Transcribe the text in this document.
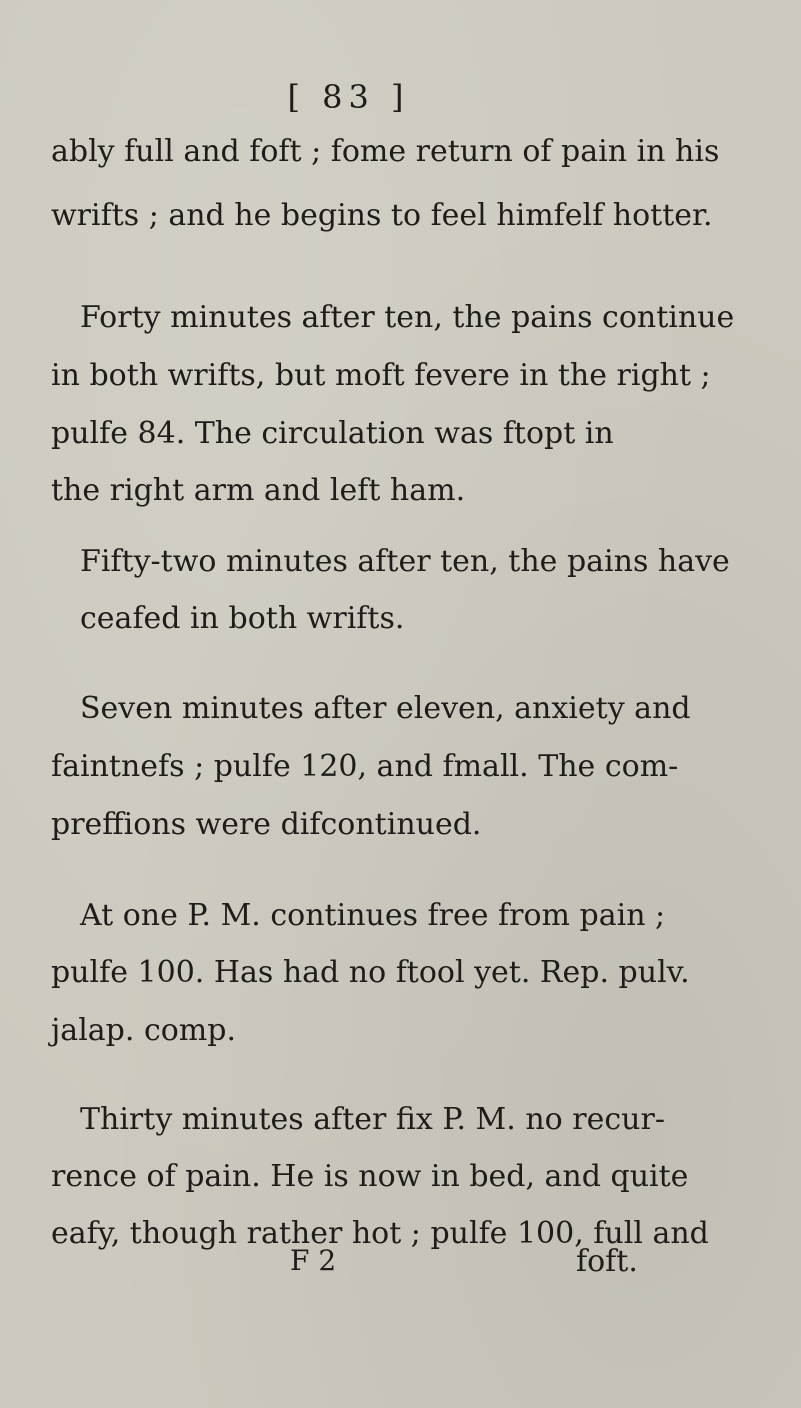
[ 83 ]
ably full and foft ; fome return of pain in his
wrifts ; and he begins to feel himfelf hotter.
Forty minutes after ten, the pains continue
in both wrifts, but moft fevere in the right ;
pulfe 84. The circulation was ftopt in
the right arm and left ham.
Fifty-two minutes after ten, the pains have
ceafed in both wrifts.
Seven minutes after eleven, anxiety and
faintnefs ; pulfe 120, and fmall. The com-
preffions were difcontinued.
At one P. M. continues free from pain ;
pulfe 100. Has had no ftool yet. Rep. pulv.
jalap. comp.
Thirty minutes after fix P. M. no recur-
rence of pain. He is now in bed, and quite
eafy, though rather hot ; pulfe 100, full and
F 2	foft.
